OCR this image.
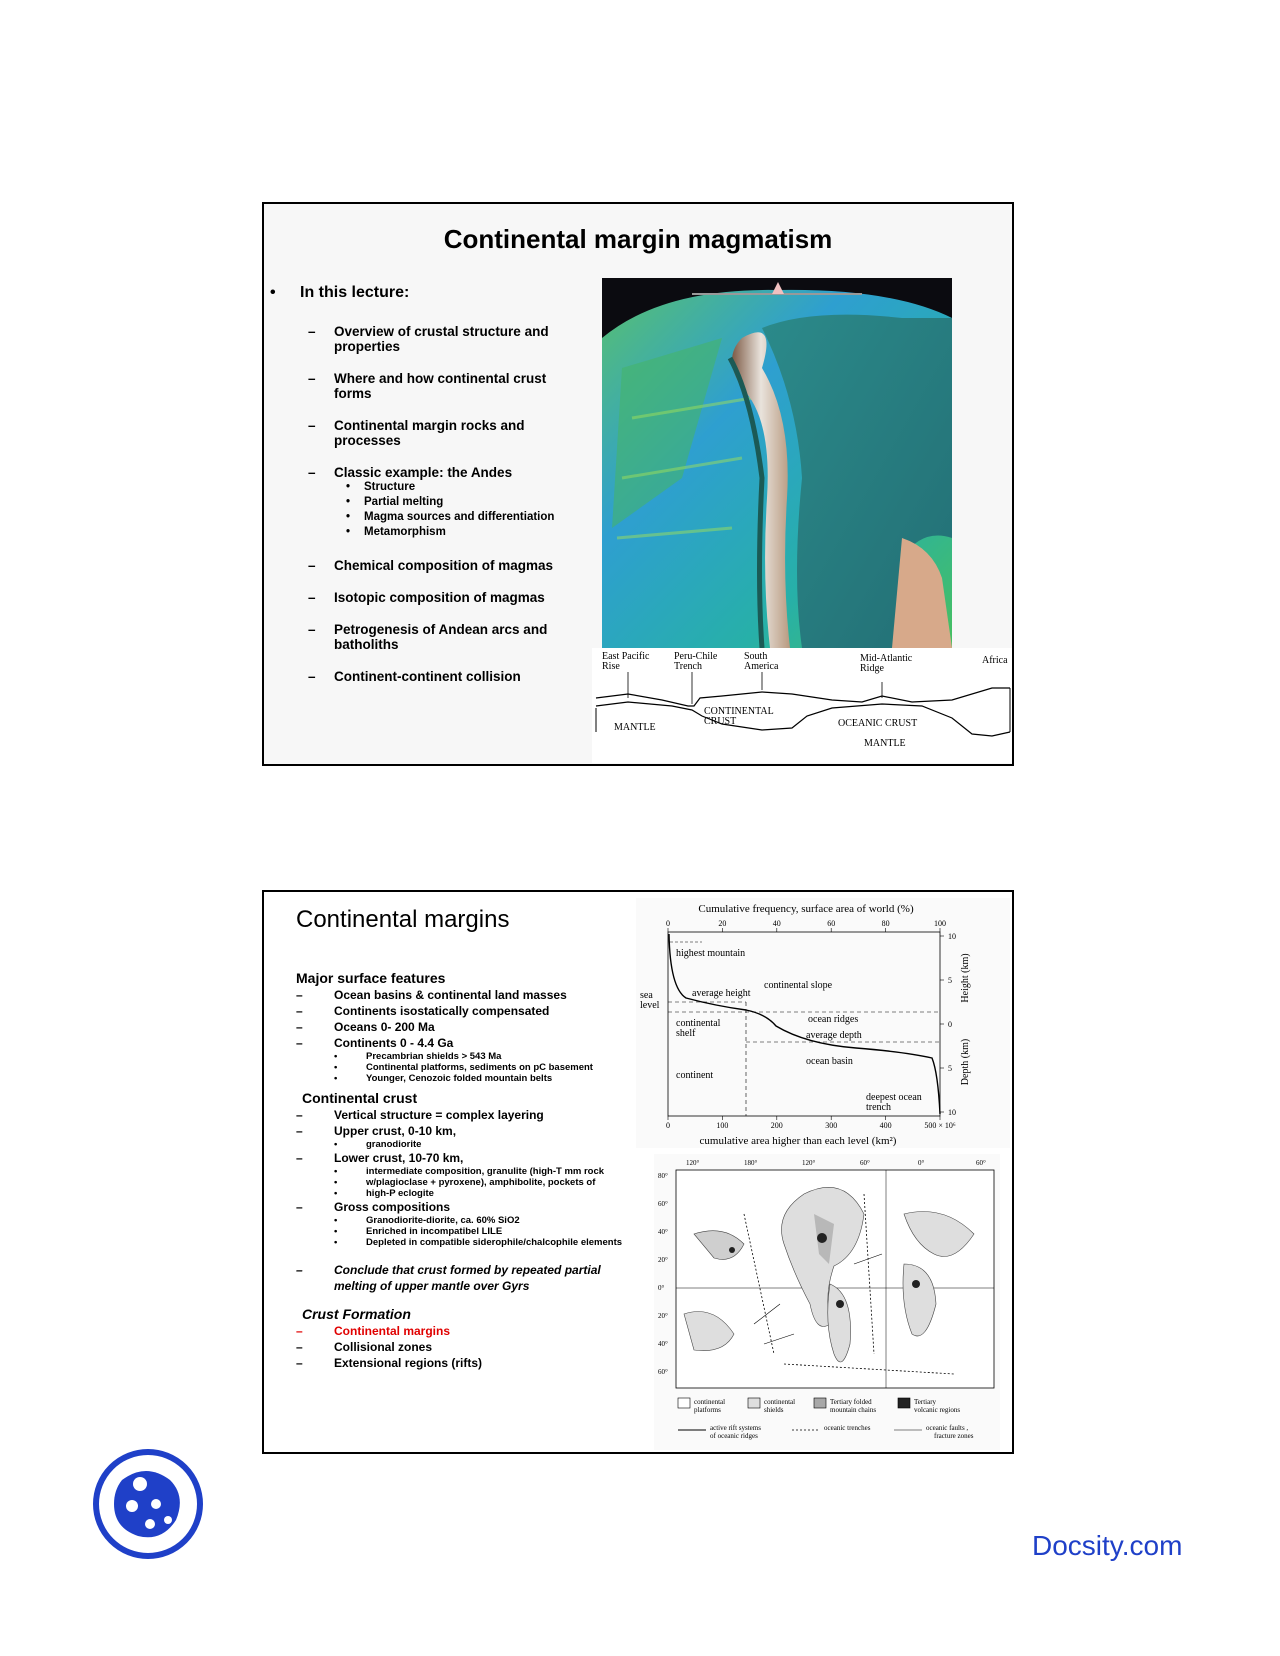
Continental margin magmatism
•	In this lecture:
–	Overview of crustal structure and
properties
–	Where and how continental crust
forms
–	Continental margin rocks and
processes
–	Classic example: the Andes
•	Structure
•	Partial melting
•	Magma sources and differentiation
•	Metamorphism
–	Chemical composition of magmas
–	Isotopic composition of magmas
–	Petrogenesis of Andean arcs and
batholiths
–	Continent-continent collision
East Pacific Rise
Peru-Chile Trench
South America
Mid-Atlantic Ridge
Africa
CONTINENTAL CRUST	OCEANIC CRUST
MANTLE
MANTLE
Continental margins
Major surface features
–	Ocean basins & continental land masses
–	Continents isostatically compensated
–	Oceans 0- 200 Ma
–	Continents 0 - 4.4 Ga
•	Precambrian shields > 543 Ma
•	Continental platforms, sediments on pC basement
•	Younger, Cenozoic folded mountain belts
Continental crust
–	Vertical structure = complex layering
–	Upper crust, 0-10 km,
•	granodiorite
–	Lower crust, 10-70 km,
•	intermediate composition, granulite (high-T mm rock
•	w/plagioclase + pyroxene), amphibolite, pockets of
•	high-P eclogite
–	Gross compositions
•	Granodiorite-diorite, ca. 60% SiO2
•	Enriched in incompatibel LILE
•	Depleted in compatible siderophile/chalcophile elements
–	Conclude that crust formed by repeated partial
melting of upper mantle over Gyrs
Crust Formation
–	Continental margins
–	Collisional zones
–	Extensional regions (rifts)
Cumulative frequency, surface area of world (%)
0	20	40	60	80	100
0	100	200	300	400	500 × 10⁶
cumulative area higher than each level (km²)
10
5
0
5
10
Height (km)
Depth (km)
highest mountain
average height
continental slope
sea level
continental shelf
ocean ridges
average depth
ocean basin
continent
deepest ocean trench
120°	180°	120°	60°	0°	60°
80°
60°
40°
20°
0°
20°
40°
60°
continental platforms
continental shields
Tertiary folded mountain chains
Tertiary volcanic regions
active rift systems of oceanic ridges
oceanic trenches	oceanic faults , fracture zones
Docsity.com
